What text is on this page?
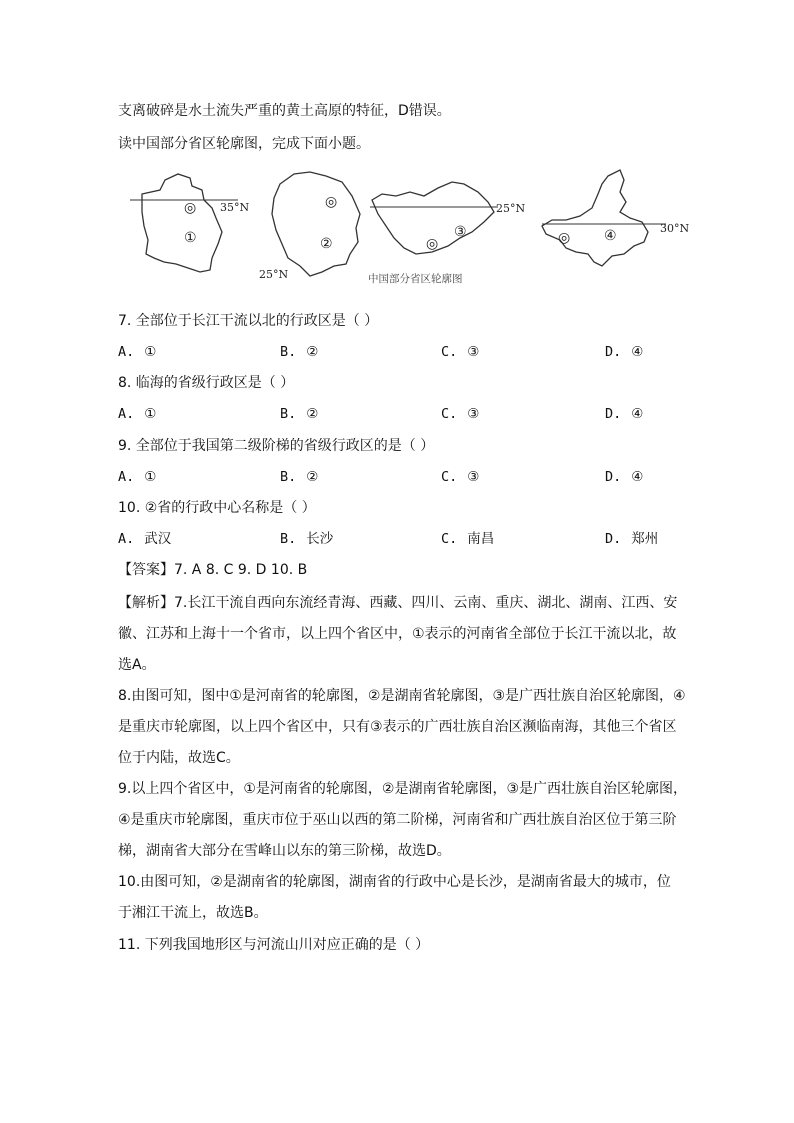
支离破碎是水土流失严重的黄土高原的特征，D错误。
读中国部分省区轮廓图，完成下面小题。
35°N
◎
①
◎
②
25°N
25°N
◎
③
中国部分省区轮廓图
30°N
◎ ④
7. 全部位于长江干流以北的行政区是（ ）
A. ①	B. ②	C. ③	D. ④
8. 临海的省级行政区是（ ）
A. ①	B. ②	C. ③	D. ④
9. 全部位于我国第二级阶梯的省级行政区的是（ ）
A. ①	B. ②	C. ③	D. ④
10. ②省的行政中心名称是（ ）
A. 武汉	B. 长沙	C. 南昌	D. 郑州
【答案】7. A 8. C 9. D 10. B
【解析】7.长江干流自西向东流经青海、西藏、四川、云南、重庆、湖北、湖南、江西、安
徽、江苏和上海十一个省市，以上四个省区中，①表示的河南省全部位于长江干流以北，故
选A。
8.由图可知，图中①是河南省的轮廓图，②是湖南省轮廓图，③是广西壮族自治区轮廓图，④
是重庆市轮廓图，以上四个省区中，只有③表示的广西壮族自治区濒临南海，其他三个省区
位于内陆，故选C。
9.以上四个省区中，①是河南省的轮廓图，②是湖南省轮廓图，③是广西壮族自治区轮廓图，
④是重庆市轮廓图，重庆市位于巫山以西的第二阶梯，河南省和广西壮族自治区位于第三阶
梯，湖南省大部分在雪峰山以东的第三阶梯，故选D。
10.由图可知，②是湖南省的轮廓图，湖南省的行政中心是长沙，是湖南省最大的城市，位
于湘江干流上，故选B。
11. 下列我国地形区与河流山川对应正确的是（ ）
